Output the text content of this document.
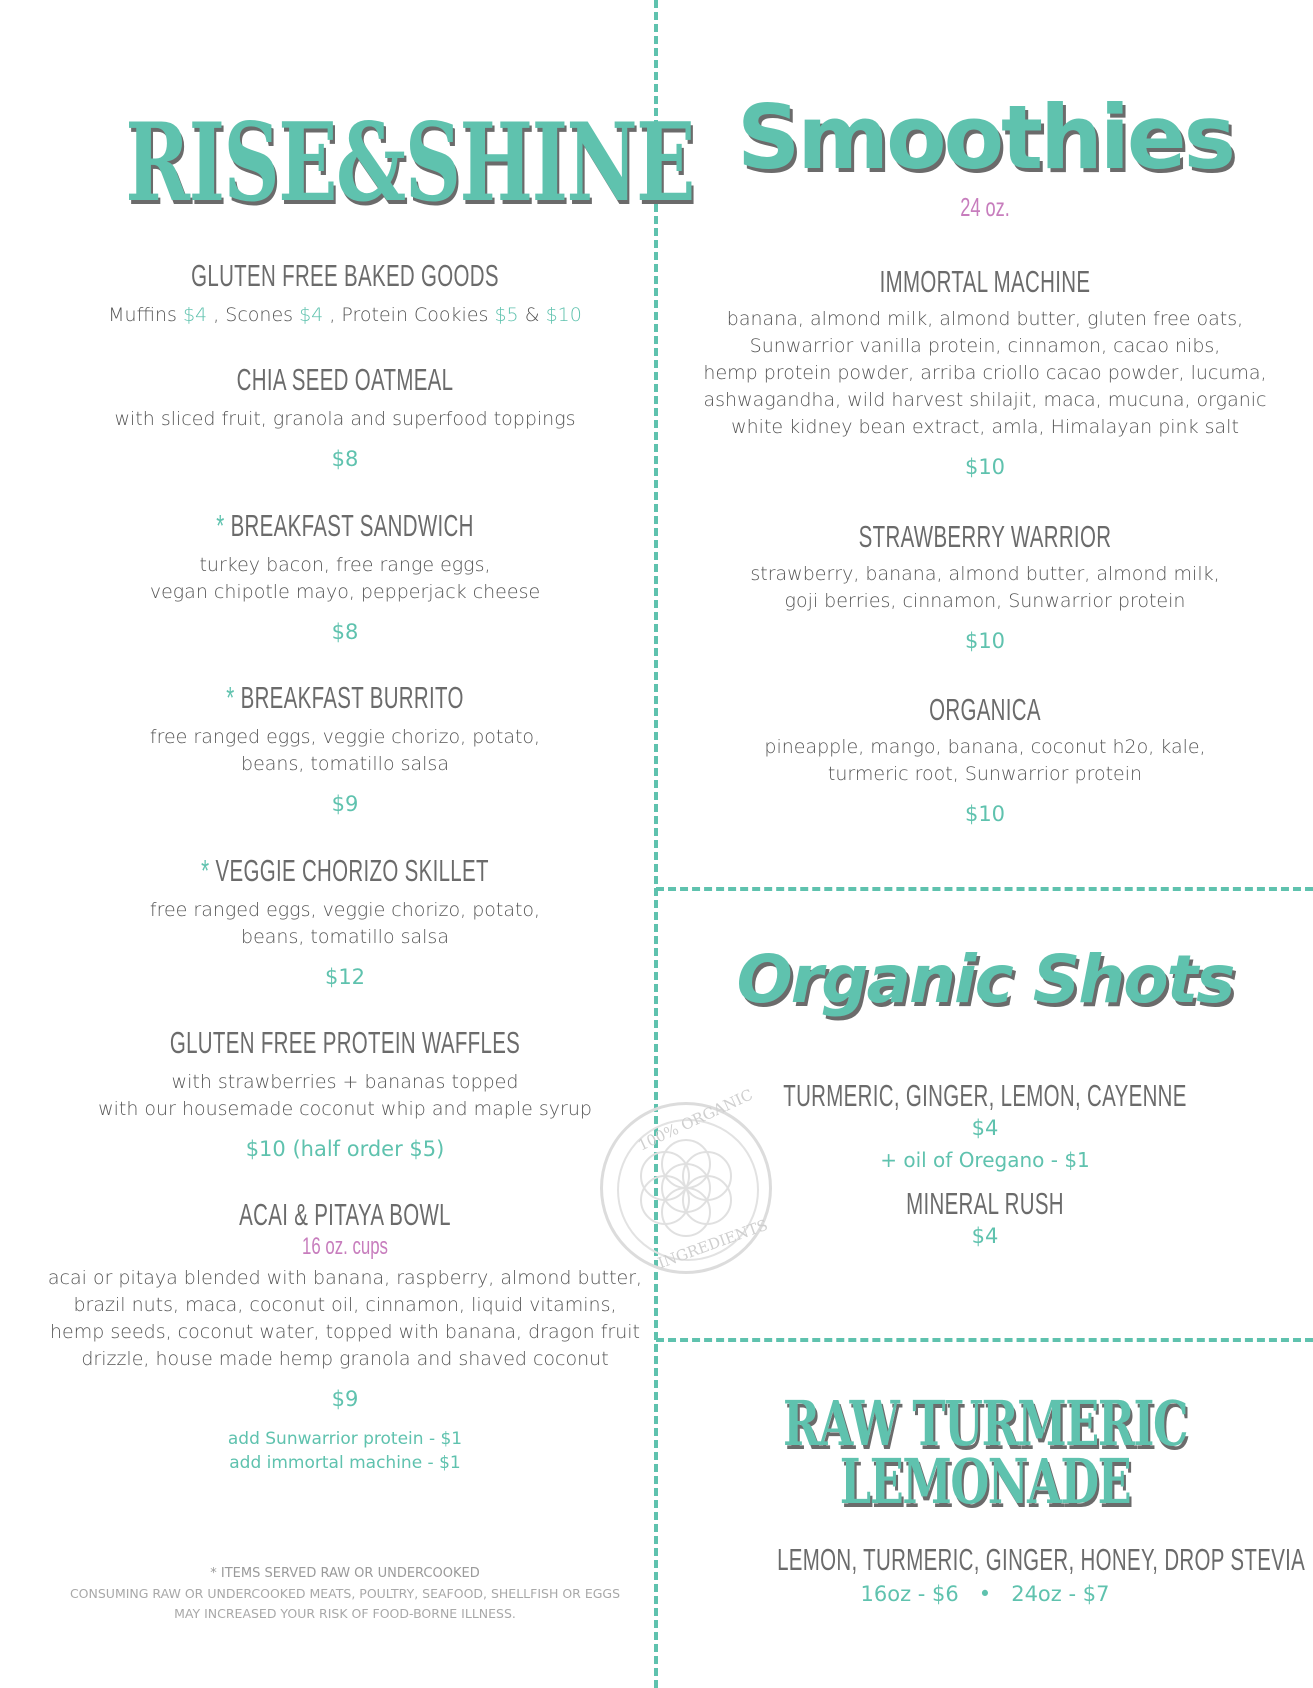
RISE&SHINE
GLUTEN FREE BAKED GOODS
Muffins $4 , Scones $4 , Protein Cookies $5 & $10
CHIA SEED OATMEAL
with sliced fruit, granola and superfood toppings
$8
* BREAKFAST SANDWICH
turkey bacon, free range eggs,
vegan chipotle mayo, pepperjack cheese
$8
* BREAKFAST BURRITO
free ranged eggs, veggie chorizo, potato,
beans, tomatillo salsa
$9
* VEGGIE CHORIZO SKILLET
free ranged eggs, veggie chorizo, potato,
beans, tomatillo salsa
$12
GLUTEN FREE PROTEIN WAFFLES
with strawberries + bananas topped
with our housemade coconut whip and maple syrup
$10 (half order $5)
ACAI & PITAYA BOWL
16 oz. cups
acai or pitaya blended with banana, raspberry, almond butter,
brazil nuts, maca, coconut oil, cinnamon, liquid vitamins,
hemp seeds, coconut water, topped with banana, dragon fruit
drizzle, house made hemp granola and shaved coconut
$9
add Sunwarrior protein - $1
add immortal machine - $1
* ITEMS SERVED RAW OR UNDERCOOKED
CONSUMING RAW OR UNDERCOOKED MEATS, POULTRY, SEAFOOD, SHELLFISH OR EGGS
MAY INCREASED YOUR RISK OF FOOD-BORNE ILLNESS.
100% ORGANIC
INGREDIENTS
Smoothies
24 oz.
IMMORTAL MACHINE
banana, almond milk, almond butter, gluten free oats,
Sunwarrior vanilla protein, cinnamon, cacao nibs,
hemp protein powder, arriba criollo cacao powder, lucuma,
ashwagandha, wild harvest shilajit, maca, mucuna, organic
white kidney bean extract, amla, Himalayan pink salt
$10
STRAWBERRY WARRIOR
strawberry, banana, almond butter, almond milk,
goji berries, cinnamon, Sunwarrior protein
$10
ORGANICA
pineapple, mango, banana, coconut h2o, kale,
turmeric root, Sunwarrior protein
$10
Organic Shots
TURMERIC, GINGER, LEMON, CAYENNE
$4
+ oil of Oregano - $1
MINERAL RUSH
$4
RAW TURMERIC
LEMONADE
LEMON, TURMERIC, GINGER, HONEY, DROP STEVIA
16oz - $6   •   24oz - $7
